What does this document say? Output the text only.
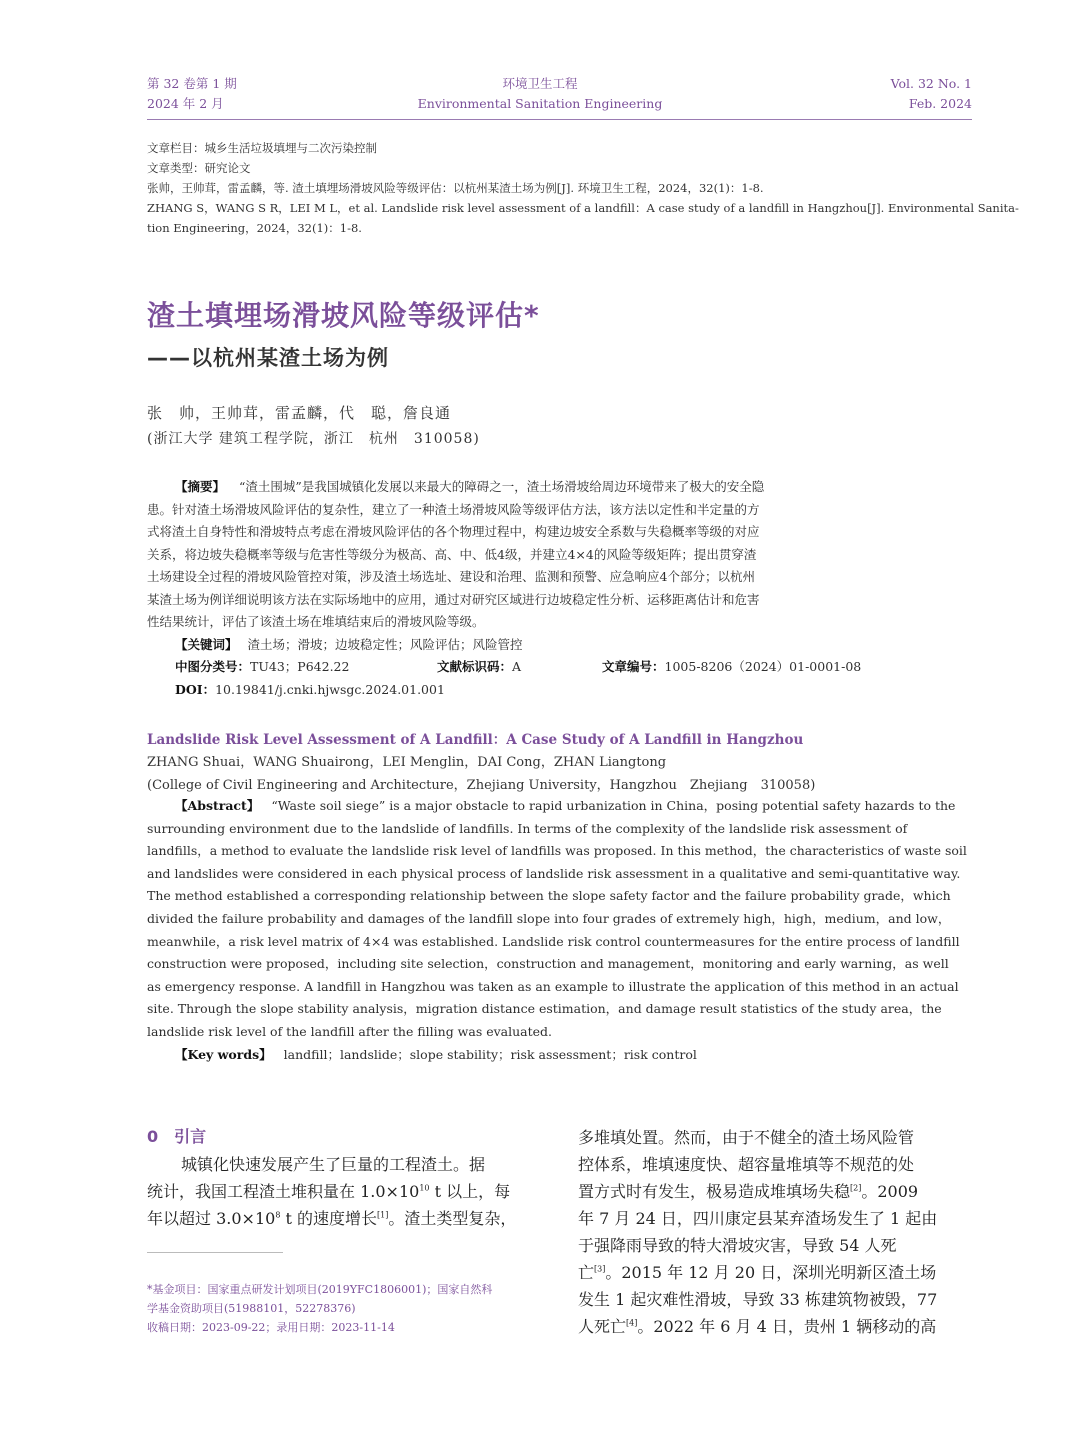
第 32 卷第 1 期
2024 年 2 月
环境卫生工程
Environmental Sanitation Engineering
Vol. 32 No. 1
Feb. 2024
文章栏目：城乡生活垃圾填埋与二次污染控制
文章类型：研究论文
张帅，王帅茸，雷孟麟，等. 渣土填埋场滑坡风险等级评估：以杭州某渣土场为例[J]. 环境卫生工程，2024，32(1)：1-8.
ZHANG S，WANG S R，LEI M L，et al. Landslide risk level assessment of a landfill：A case study of a landfill in Hangzhou[J]. Environmental Sanita-
tion Engineering，2024，32(1)：1-8.
渣土填埋场滑坡风险等级评估*
——以杭州某渣土场为例
张　帅，王帅茸，雷孟麟，代　聪，詹良通
(浙江大学 建筑工程学院，浙江　杭州　310058)
【摘要】 “渣土围城”是我国城镇化发展以来最大的障碍之一，渣土场滑坡给周边环境带来了极大的安全隐
患。针对渣土场滑坡风险评估的复杂性，建立了一种渣土场滑坡风险等级评估方法，该方法以定性和半定量的方
式将渣土自身特性和滑坡特点考虑在滑坡风险评估的各个物理过程中，构建边坡安全系数与失稳概率等级的对应
关系，将边坡失稳概率等级与危害性等级分为极高、高、中、低4级，并建立4×4的风险等级矩阵；提出贯穿渣
土场建设全过程的滑坡风险管控对策，涉及渣土场选址、建设和治理、监测和预警、应急响应4个部分；以杭州
某渣土场为例详细说明该方法在实际场地中的应用，通过对研究区域进行边坡稳定性分析、运移距离估计和危害
性结果统计，评估了该渣土场在堆填结束后的滑坡风险等级。
【关键词】 渣土场；滑坡；边坡稳定性；风险评估；风险管控
中图分类号：TU43；P642.22	文献标识码：A	文章编号：1005-8206（2024）01-0001-08
DOI：10.19841/j.cnki.hjwsgc.2024.01.001
Landslide Risk Level Assessment of A Landfill：A Case Study of A Landfill in Hangzhou
ZHANG Shuai，WANG Shuairong，LEI Menglin，DAI Cong，ZHAN Liangtong
(College of Civil Engineering and Architecture，Zhejiang University，Hangzhou　Zhejiang　310058)
【Abstract】 “Waste soil siege” is a major obstacle to rapid urbanization in China，posing potential safety hazards to the
surrounding environment due to the landslide of landfills. In terms of the complexity of the landslide risk assessment of
landfills，a method to evaluate the landslide risk level of landfills was proposed. In this method，the characteristics of waste soil
and landslides were considered in each physical process of landslide risk assessment in a qualitative and semi-quantitative way.
The method established a corresponding relationship between the slope safety factor and the failure probability grade，which
divided the failure probability and damages of the landfill slope into four grades of extremely high，high，medium，and low，
meanwhile，a risk level matrix of 4×4 was established. Landslide risk control countermeasures for the entire process of landfill
construction were proposed，including site selection，construction and management，monitoring and early warning，as well
as emergency response. A landfill in Hangzhou was taken as an example to illustrate the application of this method in an actual
site. Through the slope stability analysis，migration distance estimation，and damage result statistics of the study area，the
landslide risk level of the landfill after the filling was evaluated.
【Key words】 landfill；landslide；slope stability；risk assessment；risk control
0　引言
城镇化快速发展产生了巨量的工程渣土。据
统计，我国工程渣土堆积量在 $1.0\times 10^{10}$ t 以上，每
年以超过 $3.0\times 10^8$ t 的速度增长[1]。渣土类型复杂，
*基金项目：国家重点研发计划项目(2019YFC1806001)；国家自然科
学基金资助项目(51988101，52278376)
收稿日期：2023-09-22；录用日期：2023-11-14
多堆填处置。然而，由于不健全的渣土场风险管
控体系，堆填速度快、超容量堆填等不规范的处
置方式时有发生，极易造成堆填场失稳[2]。2009
年 7 月 24 日，四川康定县某弃渣场发生了 1 起由
于强降雨导致的特大滑坡灾害，导致 54 人死
亡[3]。2015 年 12 月 20 日，深圳光明新区渣土场
发生 1 起灾难性滑坡，导致 33 栋建筑物被毁，77
人死亡[4]。2022 年 6 月 4 日，贵州 1 辆移动的高
